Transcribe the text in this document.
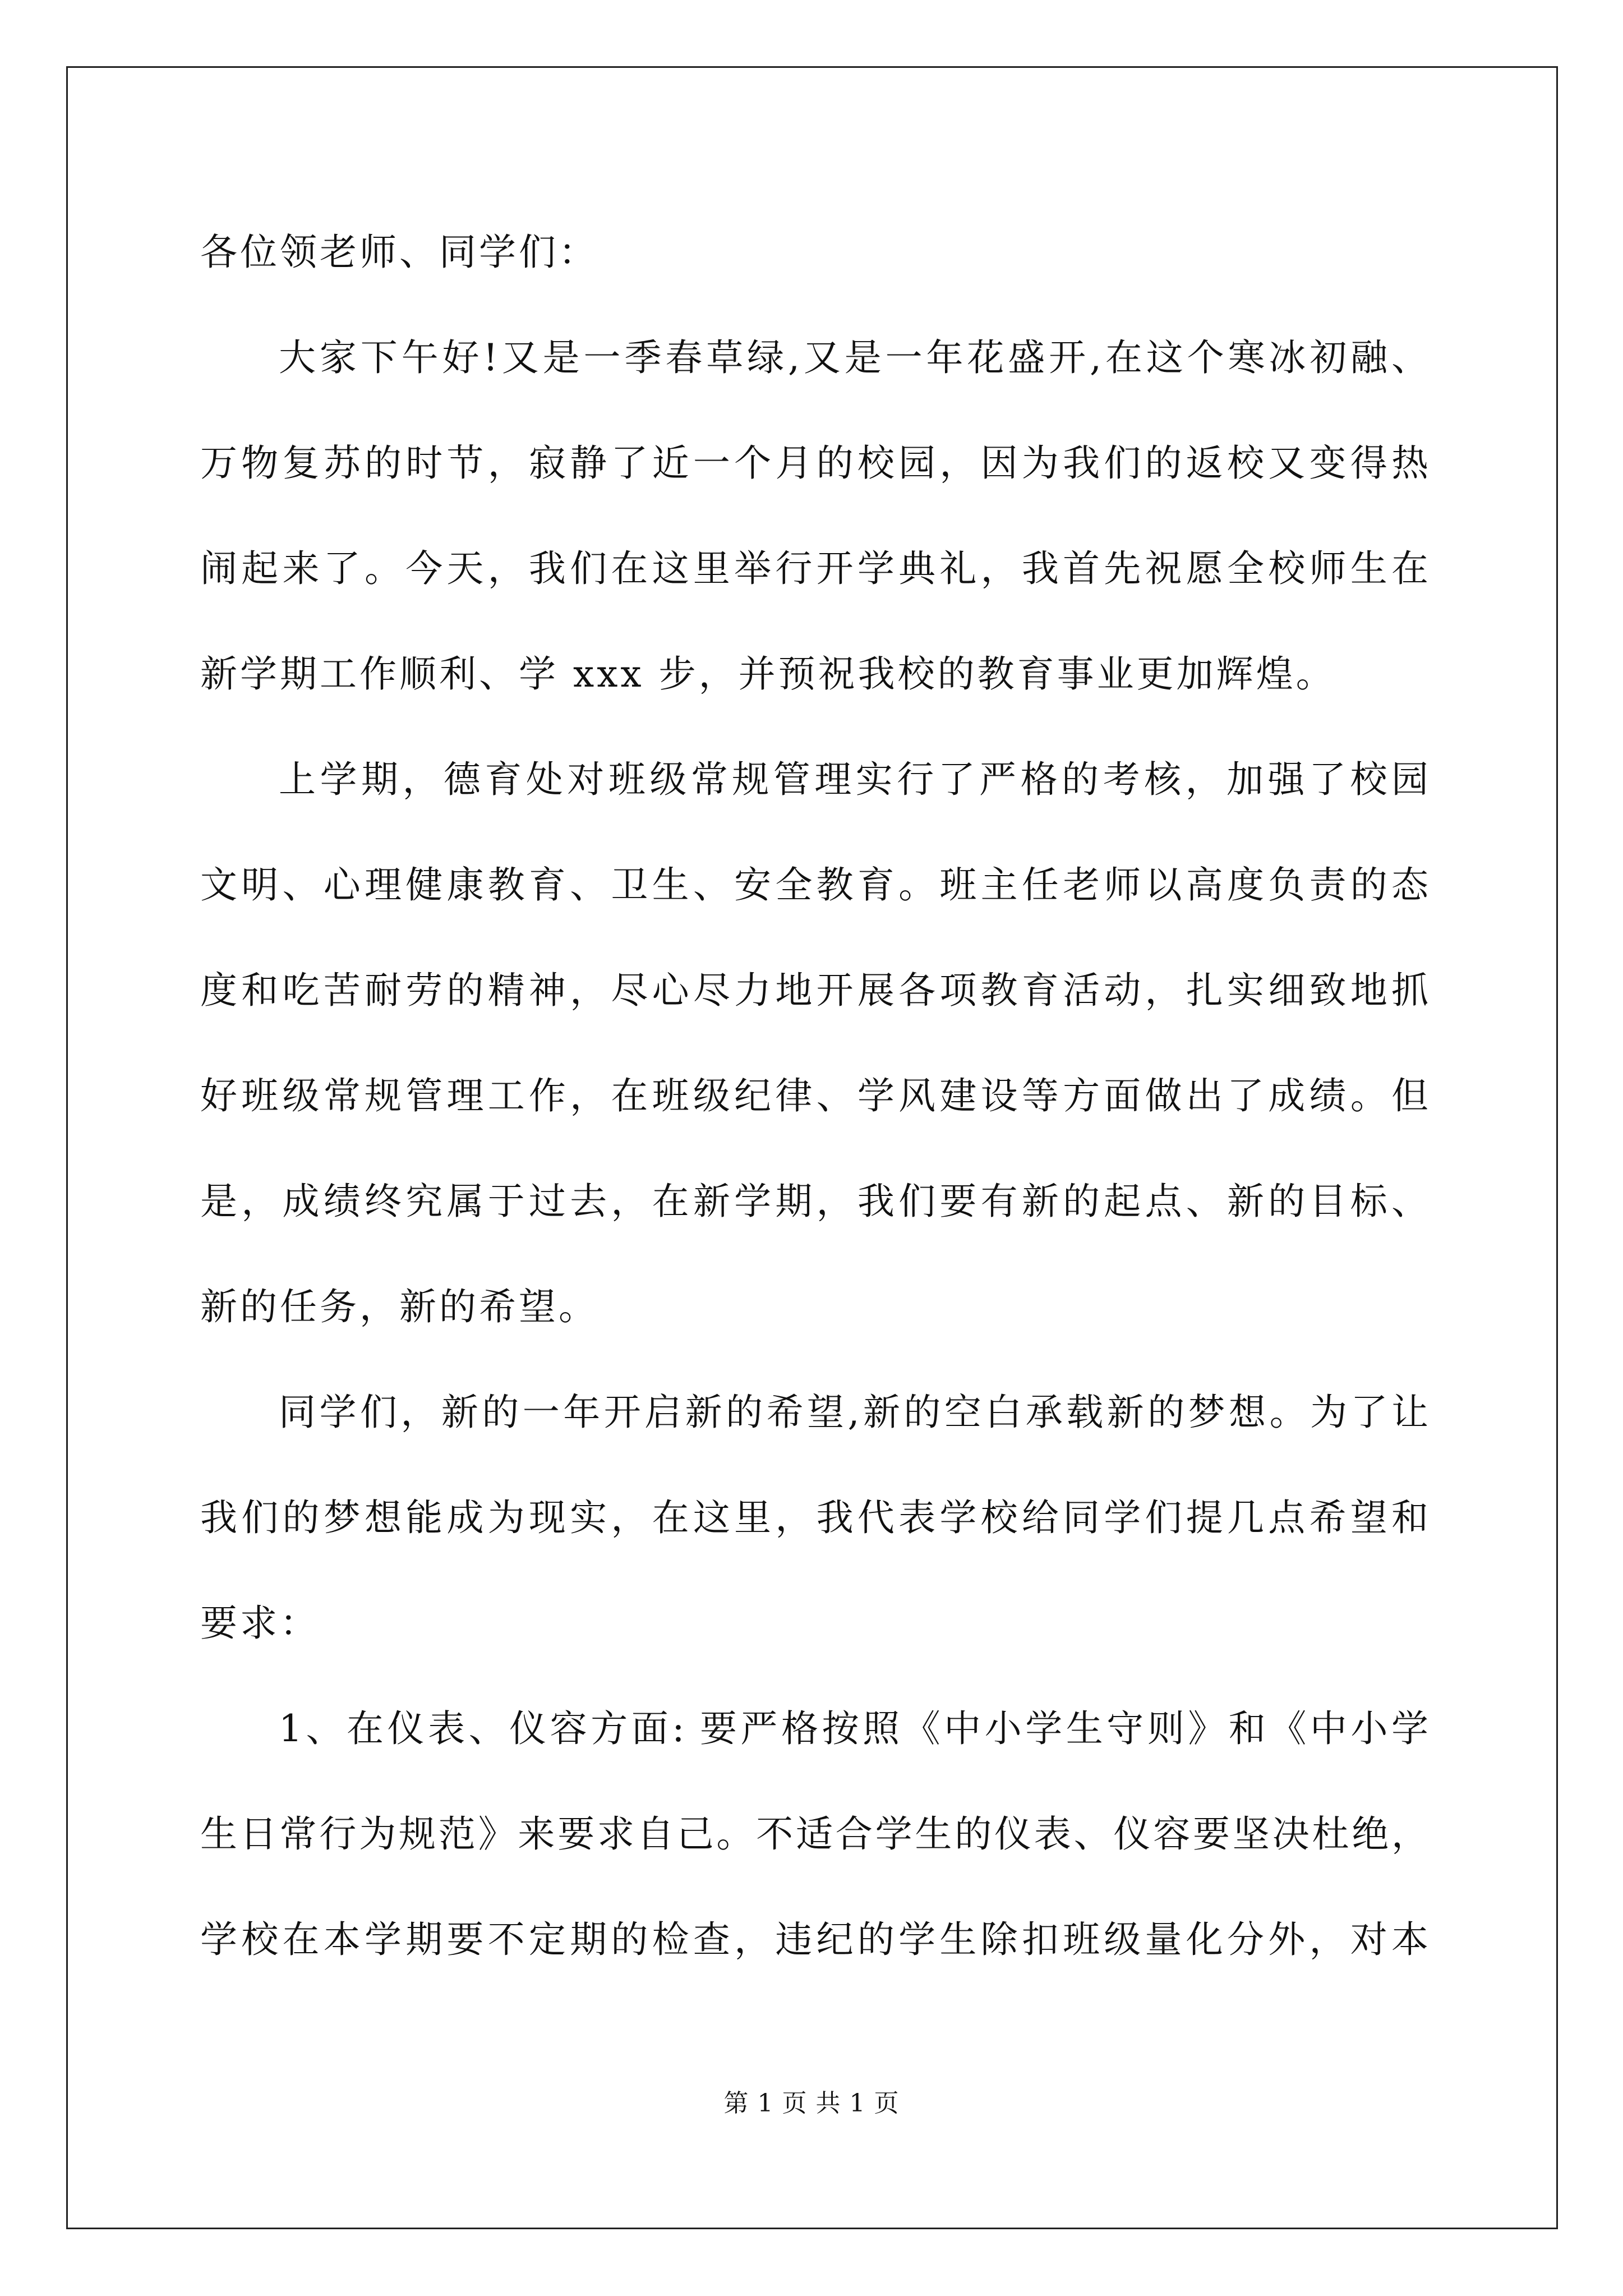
各位领老师、同学们：
大家下午好!又是一季春草绿,又是一年花盛开,在这个寒冰初融、
万物复苏的时节，寂静了近一个月的校园，因为我们的返校又变得热
闹起来了。今天，我们在这里举行开学典礼，我首先祝愿全校师生在
新学期工作顺利、学 xxx 步，并预祝我校的教育事业更加辉煌。
上学期，德育处对班级常规管理实行了严格的考核，加强了校园
文明、心理健康教育、卫生、安全教育。班主任老师以高度负责的态
度和吃苦耐劳的精神，尽心尽力地开展各项教育活动，扎实细致地抓
好班级常规管理工作，在班级纪律、学风建设等方面做出了成绩。但
是，成绩终究属于过去，在新学期，我们要有新的起点、新的目标、
新的任务，新的希望。
同学们，新的一年开启新的希望,新的空白承载新的梦想。为了让
我们的梦想能成为现实，在这里，我代表学校给同学们提几点希望和
要求：
1、在仪表、仪容方面: 要严格按照《中小学生守则》和《中小学
生日常行为规范》来要求自己。不适合学生的仪表、仪容要坚决杜绝，
学校在本学期要不定期的检查，违纪的学生除扣班级量化分外，对本
第 1 页 共 1 页
